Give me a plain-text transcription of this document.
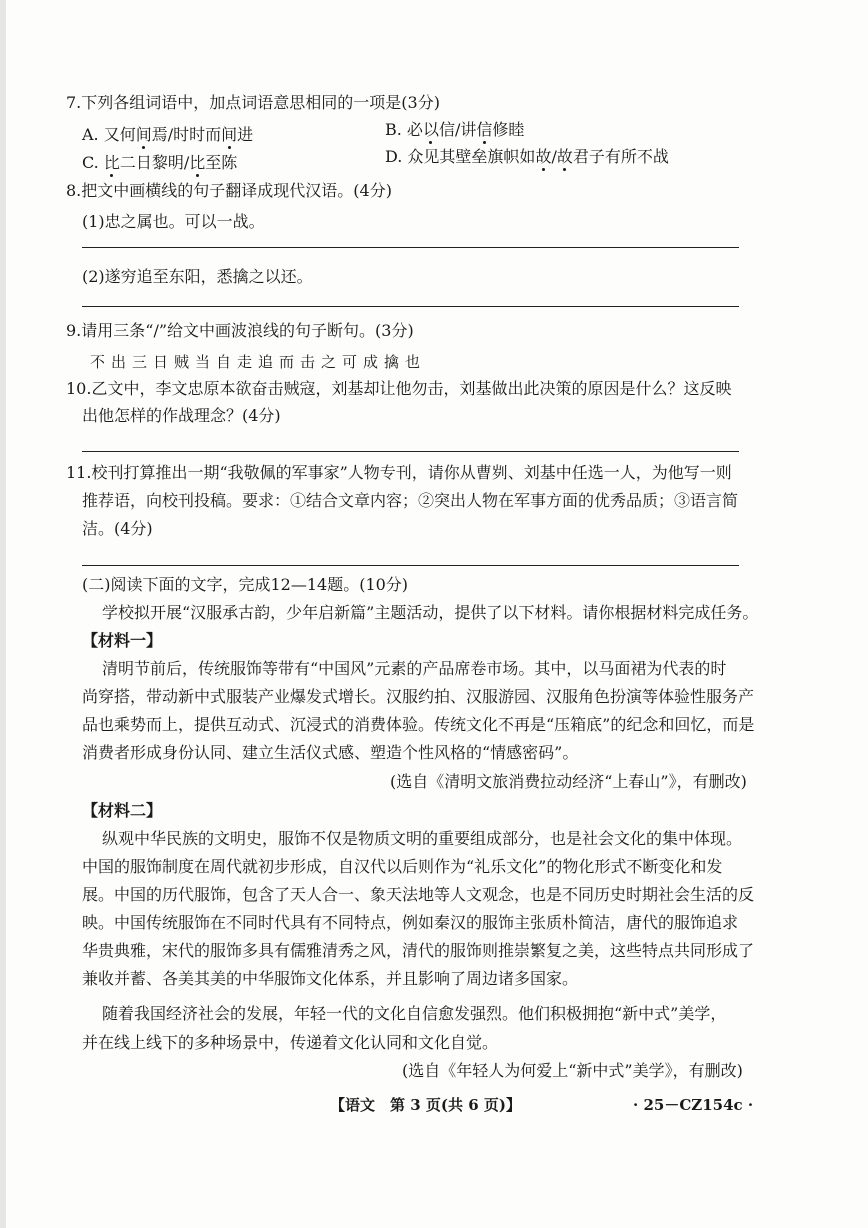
7.下列各组词语中，加点词语意思相同的一项是(3分)
A. 又何间焉/时时而间进	B. 必以信/讲信修睦
C. 比二日黎明/比至陈	D. 众见其壁垒旗帜如故/故君子有所不战
8.把文中画横线的句子翻译成现代汉语。(4分)
(1)忠之属也。可以一战。
(2)遂穷追至东阳，悉擒之以还。
9.请用三条“/”给文中画波浪线的句子断句。(3分)
不出三日贼当自走追而击之可成擒也
10.乙文中，李文忠原本欲奋击贼寇，刘基却让他勿击，刘基做出此决策的原因是什么？这反映
出他怎样的作战理念？(4分)
11.校刊打算推出一期“我敬佩的军事家”人物专刊，请你从曹刿、刘基中任选一人，为他写一则
推荐语，向校刊投稿。要求：①结合文章内容；②突出人物在军事方面的优秀品质；③语言简
洁。(4分)
(二)阅读下面的文字，完成12—14题。(10分)
学校拟开展“汉服承古韵，少年启新篇”主题活动，提供了以下材料。请你根据材料完成任务。
【材料一】
清明节前后，传统服饰等带有“中国风”元素的产品席卷市场。其中，以马面裙为代表的时
尚穿搭，带动新中式服装产业爆发式增长。汉服约拍、汉服游园、汉服角色扮演等体验性服务产
品也乘势而上，提供互动式、沉浸式的消费体验。传统文化不再是“压箱底”的纪念和回忆，而是
消费者形成身份认同、建立生活仪式感、塑造个性风格的“情感密码”。
(选自《清明文旅消费拉动经济“上春山”》，有删改)
【材料二】
纵观中华民族的文明史，服饰不仅是物质文明的重要组成部分，也是社会文化的集中体现。
中国的服饰制度在周代就初步形成，自汉代以后则作为“礼乐文化”的物化形式不断变化和发
展。中国的历代服饰，包含了天人合一、象天法地等人文观念，也是不同历史时期社会生活的反
映。中国传统服饰在不同时代具有不同特点，例如秦汉的服饰主张质朴简洁，唐代的服饰追求
华贵典雅，宋代的服饰多具有儒雅清秀之风，清代的服饰则推崇繁复之美，这些特点共同形成了
兼收并蓄、各美其美的中华服饰文化体系，并且影响了周边诸多国家。
随着我国经济社会的发展，年轻一代的文化自信愈发强烈。他们积极拥抱“新中式”美学，
并在线上线下的多种场景中，传递着文化认同和文化自觉。
(选自《年轻人为何爱上“新中式”美学》，有删改)
【语文　第 3 页(共 6 页)】	· 25－CZ154c ·
